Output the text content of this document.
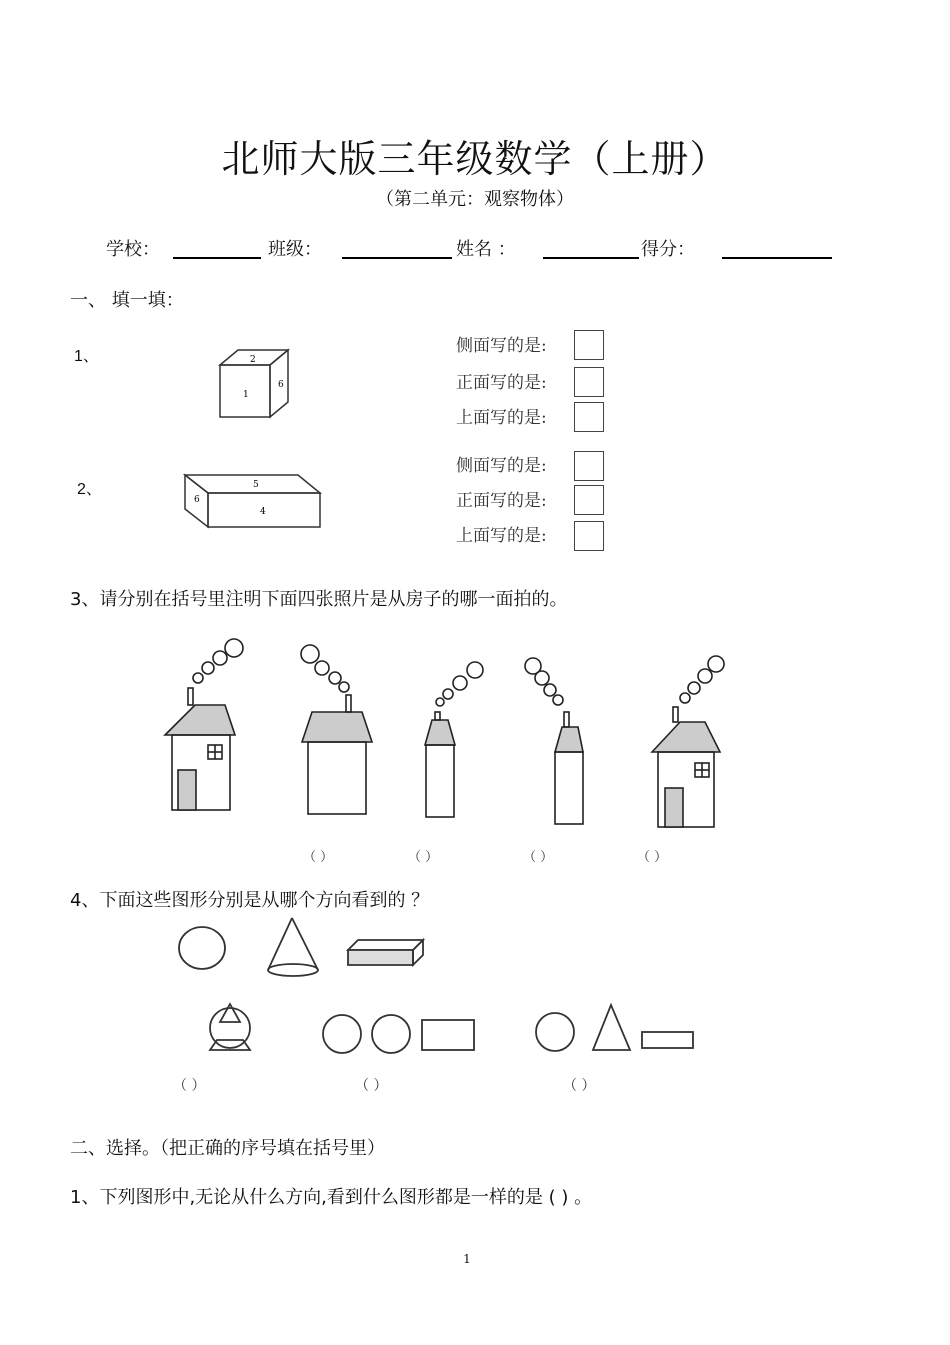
北师大版三年级数学（上册）
（第二单元：观察物体）
学校：	班级：	姓名 ：	得分：
一、 填一填：
1、	2
1
6
侧面写的是:
正面写的是:
上面写的是:
2、	5
6
4
侧面写的是:
正面写的是:
上面写的是:
3、请分别在括号里注明下面四张照片是从房子的哪一面拍的。
（ ）	（ ）	（ ）	（ ）
4、下面这些图形分别是从哪个方向看到的 ？
（ ）	（ ）	（ ）
二、选择。（把正确的序号填在括号里）
1、下列图形中,无论从什么方向,看到什么图形都是一样的是 ( ) 。
1
